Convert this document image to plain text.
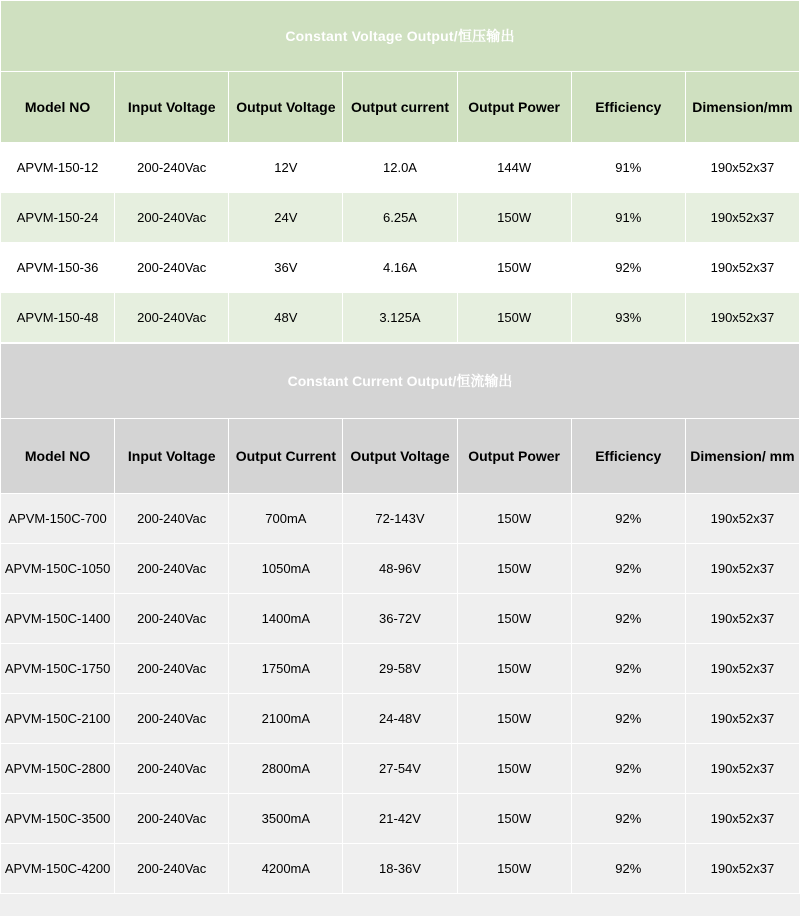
Constant Voltage Output/恒压输出						
Model NO	Input Voltage	Output Voltage	Output current	Output Power	Efficiency	Dimension/mm
APVM-150-12	200-240Vac	12V	12.0A	144W	91%	190x52x37
APVM-150-24	200-240Vac	24V	6.25A	150W	91%	190x52x37
APVM-150-36	200-240Vac	36V	4.16A	150W	92%	190x52x37
APVM-150-48	200-240Vac	48V	3.125A	150W	93%	190x52x37
Constant Current Output/恒流输出						
Model NO	Input Voltage	Output Current	Output Voltage	Output Power	Efficiency	Dimension/ mm
APVM-150C-700	200-240Vac	700mA	72-143V	150W	92%	190x52x37
APVM-150C-1050	200-240Vac	1050mA	48-96V	150W	92%	190x52x37
APVM-150C-1400	200-240Vac	1400mA	36-72V	150W	92%	190x52x37
APVM-150C-1750	200-240Vac	1750mA	29-58V	150W	92%	190x52x37
APVM-150C-2100	200-240Vac	2100mA	24-48V	150W	92%	190x52x37
APVM-150C-2800	200-240Vac	2800mA	27-54V	150W	92%	190x52x37
APVM-150C-3500	200-240Vac	3500mA	21-42V	150W	92%	190x52x37
APVM-150C-4200	200-240Vac	4200mA	18-36V	150W	92%	190x52x37
